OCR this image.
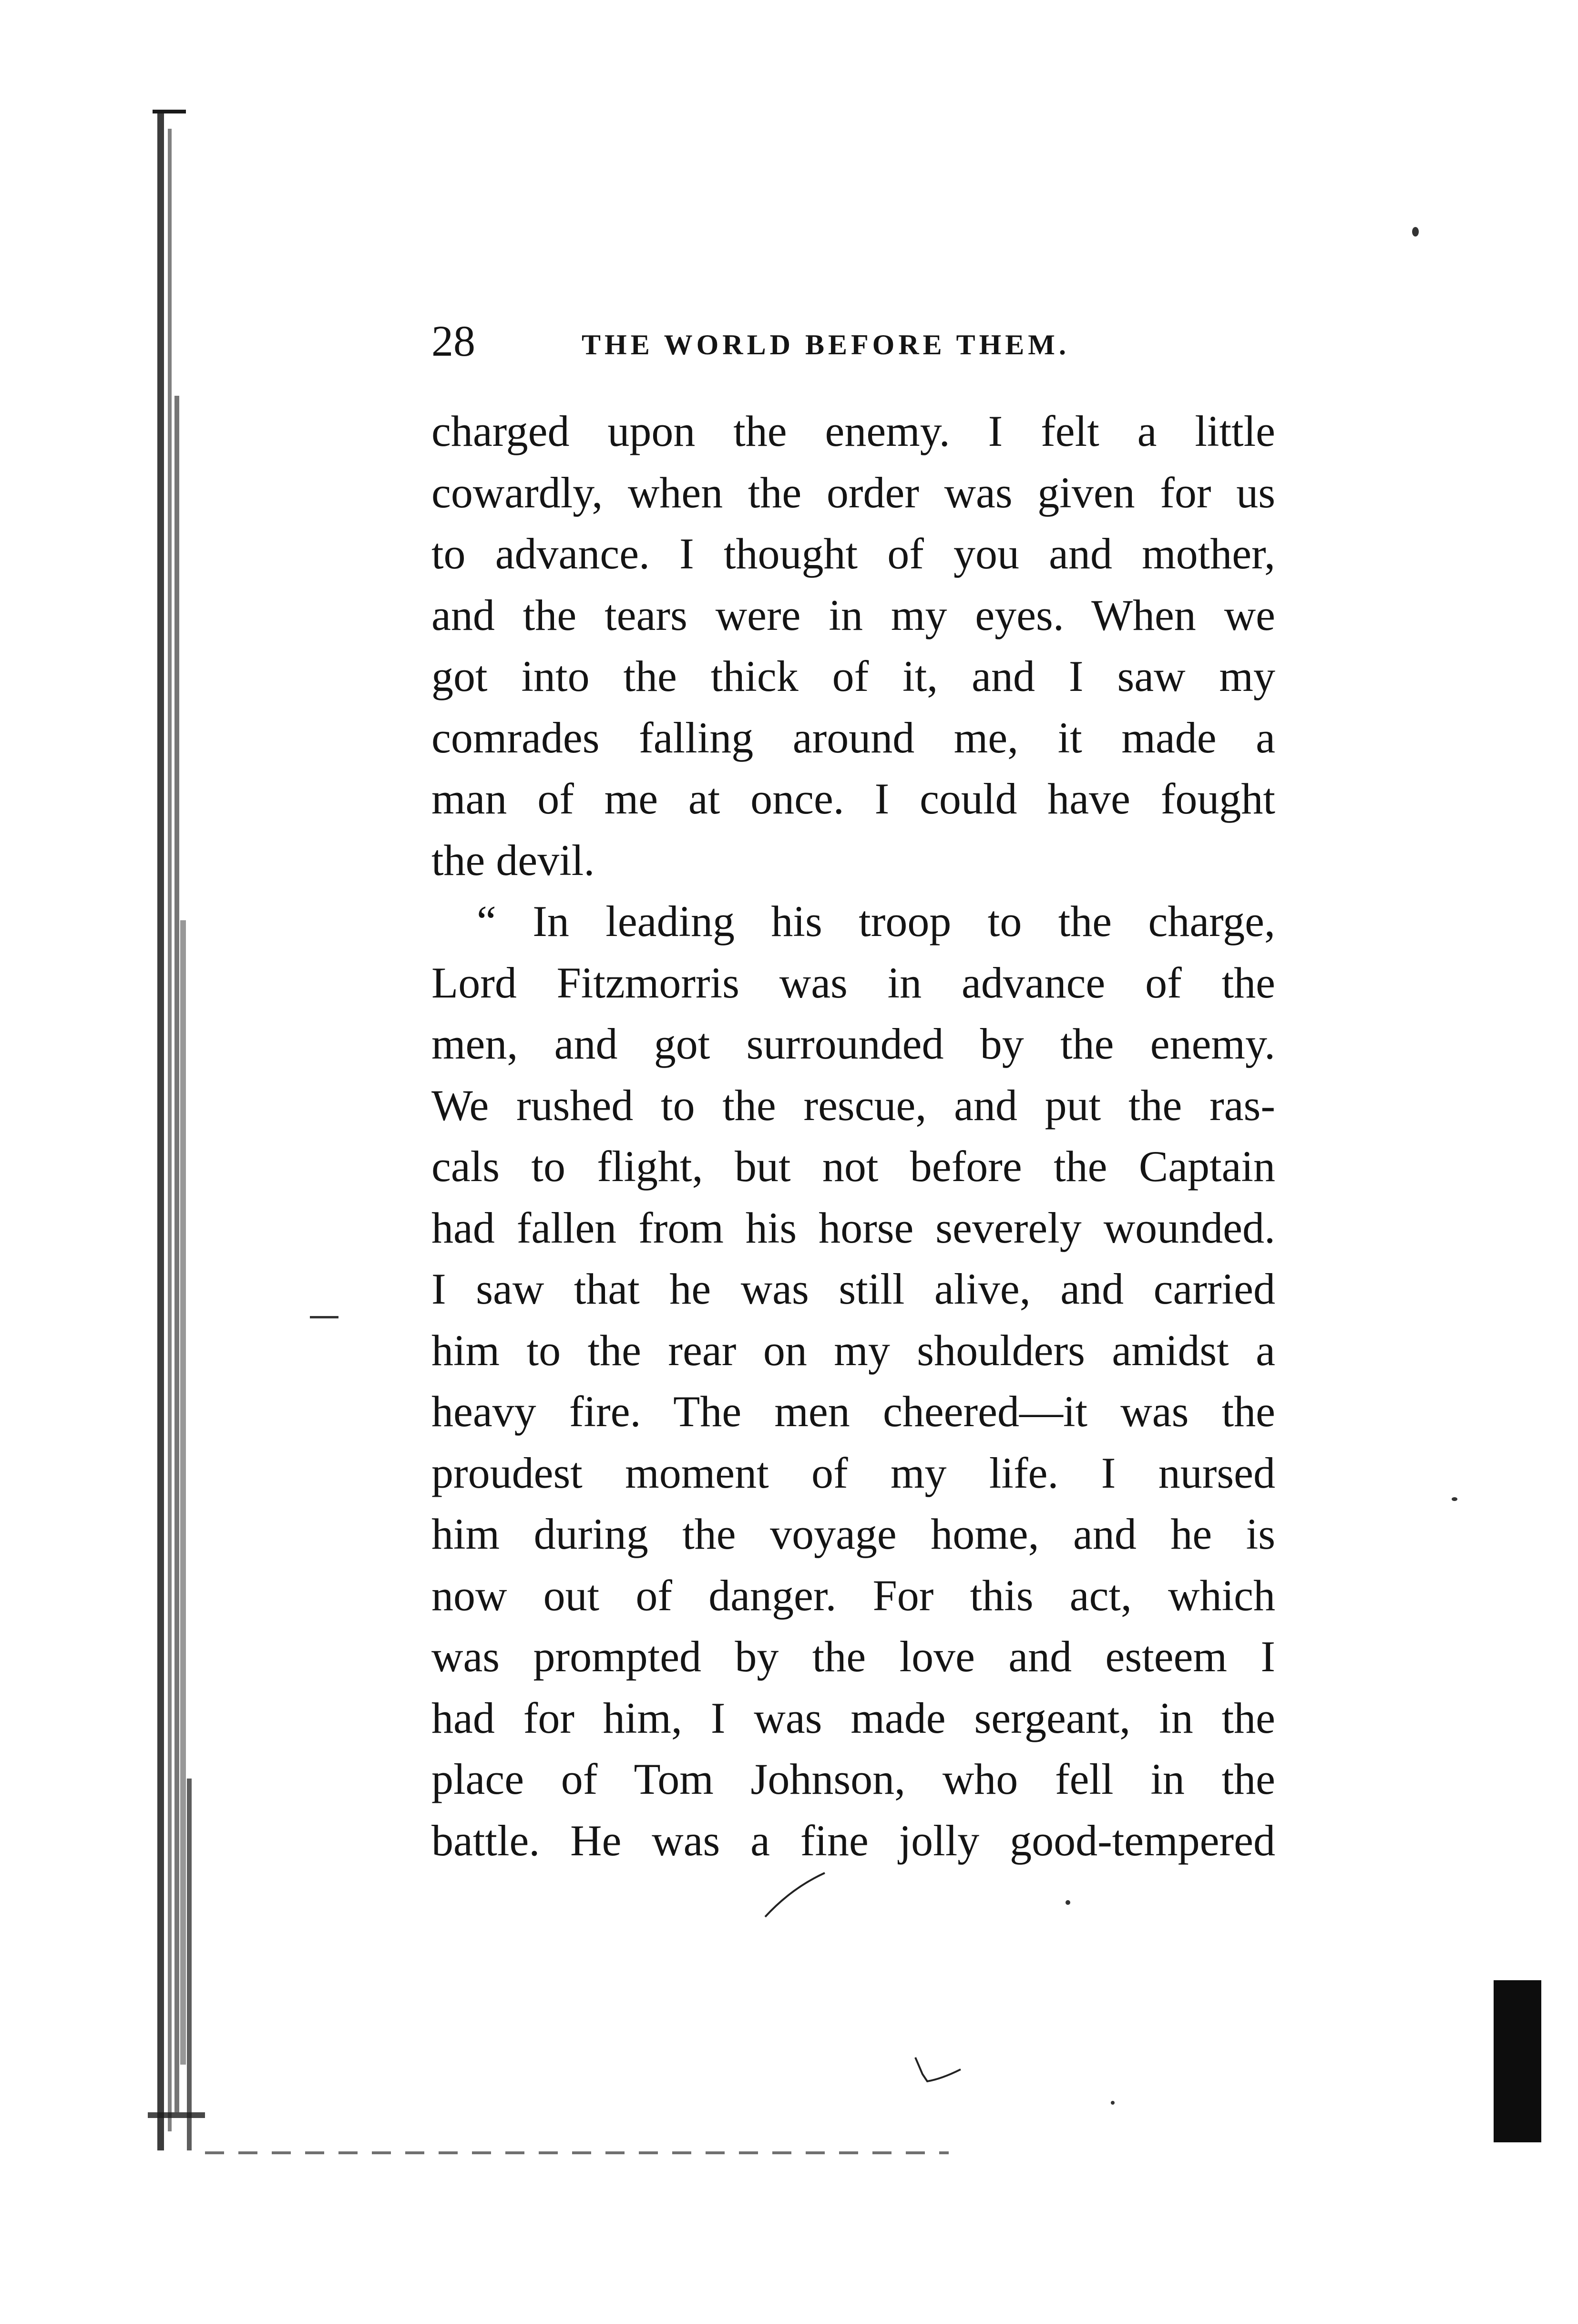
28	THE WORLD BEFORE THEM.
charged upon the enemy. I felt a little
cowardly, when the order was given for us
to advance. I thought of you and mother,
and the tears were in my eyes. When we
got into the thick of it, and I saw my
comrades falling around me, it made a
man of me at once. I could have fought
the devil.
“ In leading his troop to the charge,
Lord Fitzmorris was in advance of the
men, and got surrounded by the enemy.
We rushed to the rescue, and put the ras-
cals to flight, but not before the Captain
had fallen from his horse severely wounded.
I saw that he was still alive, and carried
him to the rear on my shoulders amidst a
heavy fire. The men cheered—it was the
proudest moment of my life. I nursed
him during the voyage home, and he is
now out of danger. For this act, which
was prompted by the love and esteem I
had for him, I was made sergeant, in the
place of Tom Johnson, who fell in the
battle. He was a fine jolly good-tempered
